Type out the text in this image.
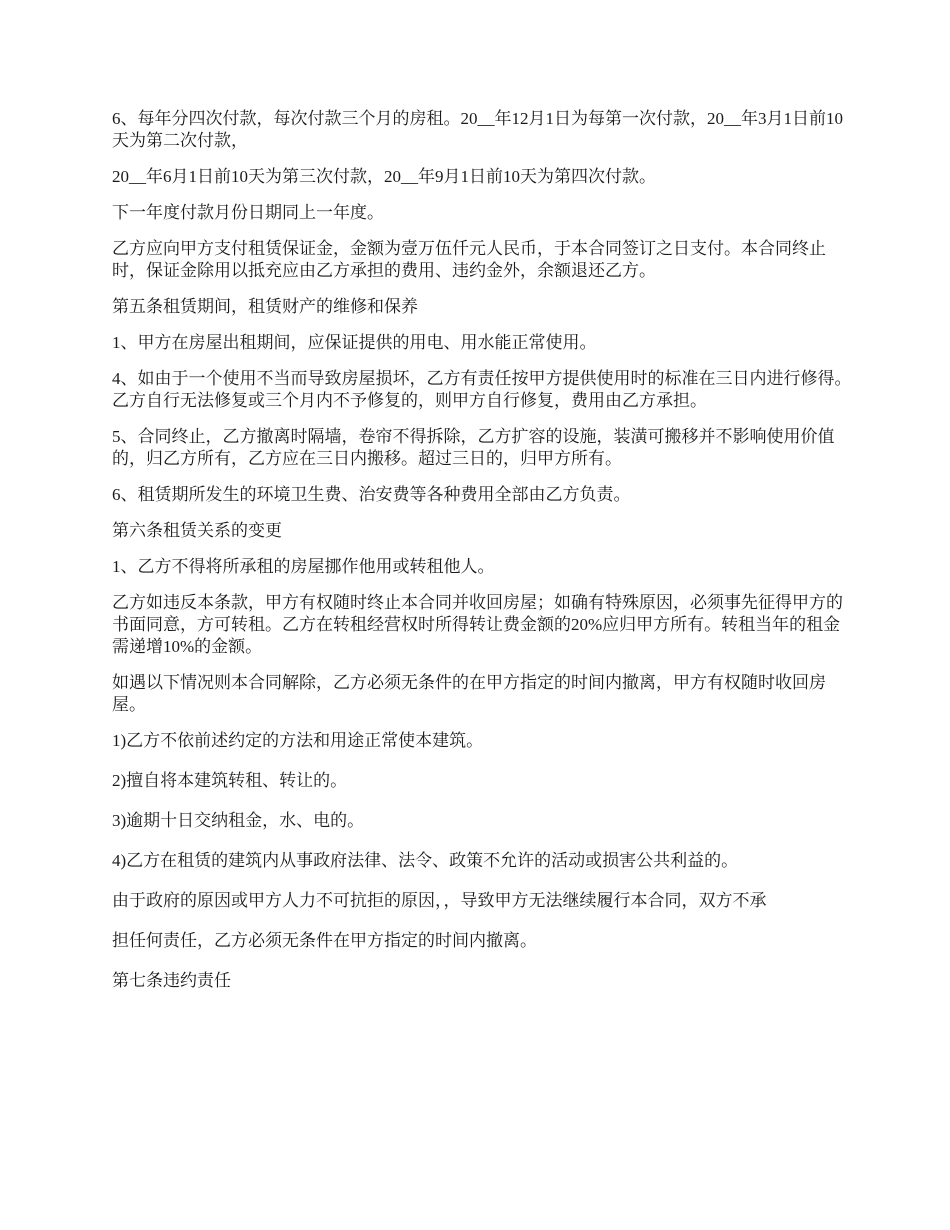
6、每年分四次付款，每次付款三个月的房租。20__年12月1日为每第一次付款，20__年3月1日前10天为第二次付款，

20__年6月1日前10天为第三次付款，20__年9月1日前10天为第四次付款。

下一年度付款月份日期同上一年度。

乙方应向甲方支付租赁保证金，金额为壹万伍仟元人民币，于本合同签订之日支付。本合同终止时，保证金除用以抵充应由乙方承担的费用、违约金外，余额退还乙方。

第五条租赁期间，租赁财产的维修和保养

1、甲方在房屋出租期间，应保证提供的用电、用水能正常使用。

4、如由于一个使用不当而导致房屋损坏，乙方有责任按甲方提供使用时的标准在三日内进行修得。乙方自行无法修复或三个月内不予修复的，则甲方自行修复，费用由乙方承担。

5、合同终止，乙方撤离时隔墙，卷帘不得拆除，乙方扩容的设施，装潢可搬移并不影响使用价值的，归乙方所有，乙方应在三日内搬移。超过三日的，归甲方所有。

6、租赁期所发生的环境卫生费、治安费等各种费用全部由乙方负责。

第六条租赁关系的变更

1、乙方不得将所承租的房屋挪作他用或转租他人。

乙方如违反本条款，甲方有权随时终止本合同并收回房屋；如确有特殊原因，必须事先征得甲方的书面同意，方可转租。乙方在转租经营权时所得转让费金额的20%应归甲方所有。转租当年的租金需递增10%的金额。

如遇以下情况则本合同解除，乙方必须无条件的在甲方指定的时间内撤离，甲方有权随时收回房屋。

1)乙方不依前述约定的方法和用途正常使本建筑。

2)擅自将本建筑转租、转让的。

3)逾期十日交纳租金，水、电的。

4)乙方在租赁的建筑内从事政府法律、法令、政策不允许的活动或损害公共利益的。

由于政府的原因或甲方人力不可抗拒的原因，，导致甲方无法继续履行本合同，双方不承

担任何责任，乙方必须无条件在甲方指定的时间内撤离。

第七条违约责任
